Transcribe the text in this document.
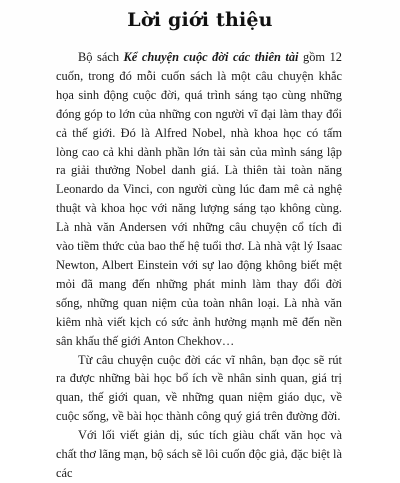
Lời giới thiệu

Bộ sách Kể chuyện cuộc đời các thiên tài gồm 12 cuốn, trong đó mỗi cuốn sách là một câu chuyện khắc họa sinh động cuộc đời, quá trình sáng tạo cùng những đóng góp to lớn của những con người vĩ đại làm thay đổi cả thế giới. Đó là Alfred Nobel, nhà khoa học có tấm lòng cao cả khi dành phần lớn tài sản của mình sáng lập ra giải thưởng Nobel danh giá. Là thiên tài toàn năng Leonardo da Vinci, con người cùng lúc đam mê cả nghệ thuật và khoa học với năng lượng sáng tạo không cùng. Là nhà văn Andersen với những câu chuyện cổ tích đi vào tiềm thức của bao thế hệ tuổi thơ. Là nhà vật lý Isaac Newton, Albert Einstein với sự lao động không biết mệt mỏi đã mang đến những phát minh làm thay đổi đời sống, những quan niệm của toàn nhân loại. Là nhà văn kiêm nhà viết kịch có sức ảnh hưởng mạnh mẽ đến nền sân khấu thế giới Anton Chekhov…

Từ câu chuyện cuộc đời các vĩ nhân, bạn đọc sẽ rút ra được những bài học bổ ích về nhân sinh quan, giá trị quan, thế giới quan, về những quan niệm giáo dục, về cuộc sống, về bài học thành công quý giá trên đường đời.

Với lối viết giản dị, súc tích giàu chất văn học và chất thơ lãng mạn, bộ sách sẽ lôi cuốn độc giả, đặc biệt là các
